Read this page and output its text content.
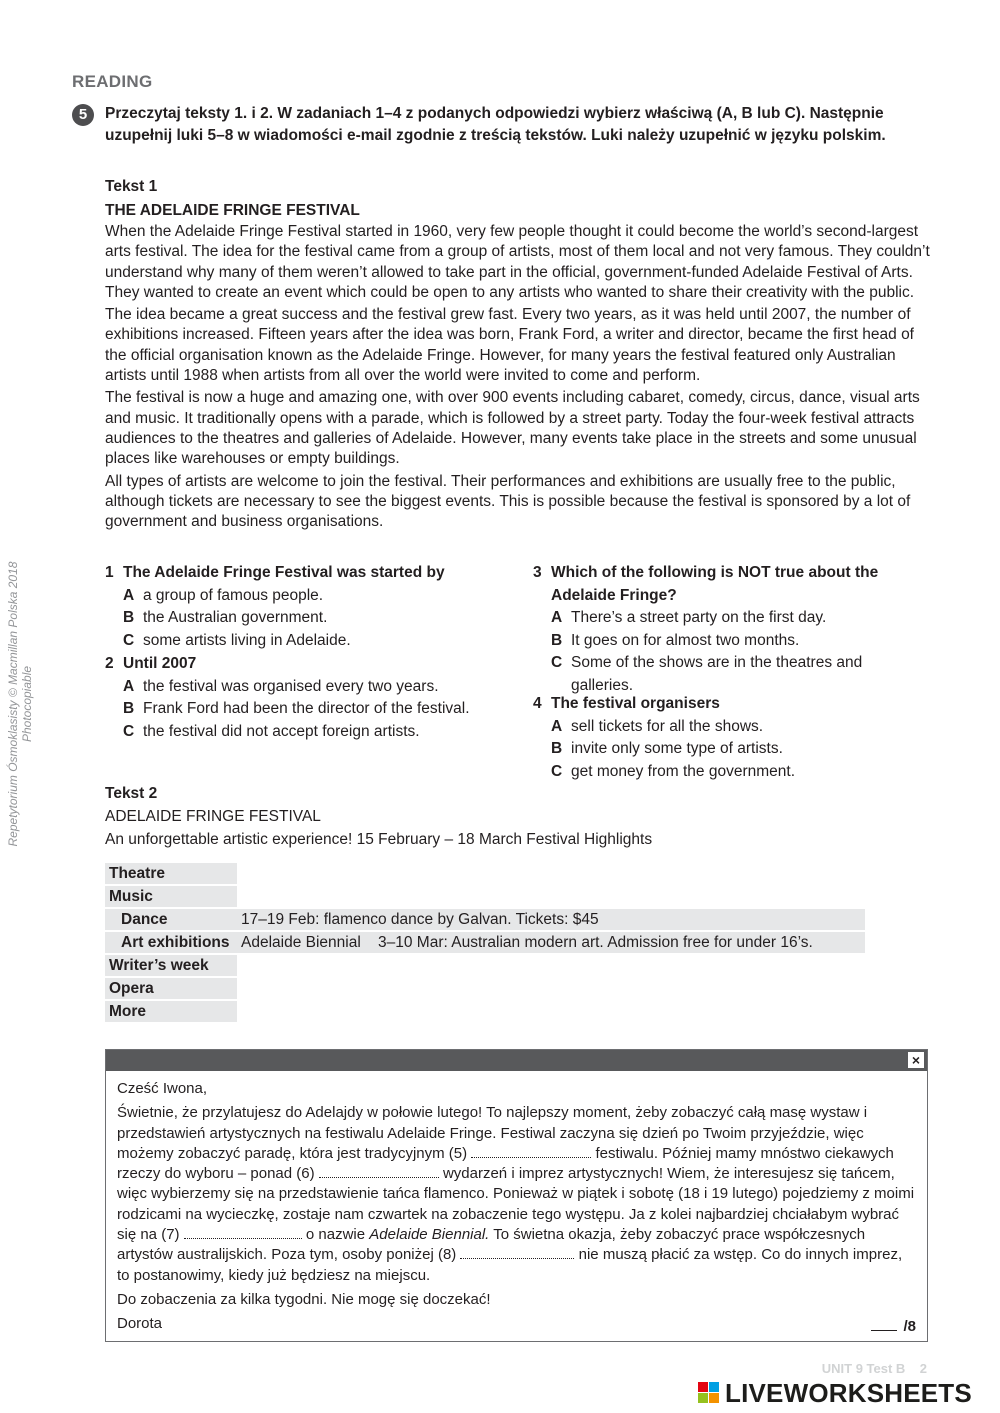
READING
5	Przeczytaj teksty 1. i 2. W zadaniach 1–4 z podanych odpowiedzi wybierz właściwą (A, B lub C). Następnie uzupełnij luki 5–8 w wiadomości e-mail zgodnie z treścią tekstów. Luki należy uzupełnić w języku polskim.
Tekst 1
THE ADELAIDE FRINGE FESTIVAL

When the Adelaide Fringe Festival started in 1960, very few people thought it could become the world’s second-largest arts festival. The idea for the festival came from a group of artists, most of them local and not very famous. They couldn’t understand why many of them weren’t allowed to take part in the official, government-funded Adelaide Festival of Arts. They wanted to create an event which could be open to any artists who wanted to share their creativity with the public.

The idea became a great success and the festival grew fast. Every two years, as it was held until 2007, the number of exhibitions increased. Fifteen years after the idea was born, Frank Ford, a writer and director, became the first head of the official organisation known as the Adelaide Fringe. However, for many years the festival featured only Australian artists until 1988 when artists from all over the world were invited to come and perform.

The festival is now a huge and amazing one, with over 900 events including cabaret, comedy, circus, dance, visual arts and music. It traditionally opens with a parade, which is followed by a street party. Today the four-week festival attracts audiences to the theatres and galleries of Adelaide. However, many events take place in the streets and some unusual places like warehouses or empty buildings.

All types of artists are welcome to join the festival. Their performances and exhibitions are usually free to the public, although tickets are necessary to see the biggest events. This is possible because the festival is sponsored by a lot of government and business organisations.

1 The Adelaide Fringe Festival was started by
A a group of famous people.
B the Australian government.
C some artists living in Adelaide.
2 Until 2007
A the festival was organised every two years.
B Frank Ford had been the director of the festival.
C the festival did not accept foreign artists.
3 Which of the following is NOT true about the
Adelaide Fringe?
A There’s a street party on the first day.
B It goes on for almost two months.
C Some of the shows are in the theatres and
galleries.
4 The festival organisers
A sell tickets for all the shows.
B invite only some type of artists.
C get money from the government.
Tekst 2
ADELAIDE FRINGE FESTIVAL
An unforgettable artistic experience! 15 February – 18 March Festival Highlights
Theatre	
Music	
Dance	17–19 Feb: flamenco dance by Galvan. Tickets: $45
Art exhibitions	Adelaide Biennial    3–10 Mar: Australian modern art. Admission free for under 16’s.
Writer’s week	
Opera	
More	
×

Cześć Iwona,

Świetnie, że przylatujesz do Adelajdy w połowie lutego! To najlepszy moment, żeby zobaczyć całą masę wystaw i przedstawień artystycznych na festiwalu Adelaide Fringe. Festiwal zaczyna się dzień po Twoim przyjeździe, więc możemy zobaczyć paradę, która jest tradycyjnym (5)	festiwalu. Później mamy mnóstwo ciekawych rzeczy do wyboru – ponad (6)	wydarzeń i imprez artystycznych! Wiem, że interesujesz się tańcem, więc wybierzemy się na przedstawienie tańca flamenco. Ponieważ w piątek i sobotę (18 i 19 lutego) pojedziemy z moimi rodzicami na wycieczkę, zostaje nam czwartek na zobaczenie tego występu. Ja z kolei najbardziej chciałabym wybrać się na (7)	o nazwie Adelaide Biennial. To świetna okazja, żeby zobaczyć prace współczesnych artystów australijskich. Poza tym, osoby poniżej (8)	nie muszą płacić za wstęp. Co do innych imprez, to postanowimy, kiedy już będziesz na miejscu.

Do zobaczenia za kilka tygodni. Nie mogę się doczekać!

Dorota	/8
Repetytorium Ósmoklasisty © Macmillan Polska 2018 Photocopiable
UNIT 9 Test B    2
LIVEWORKSHEETS
